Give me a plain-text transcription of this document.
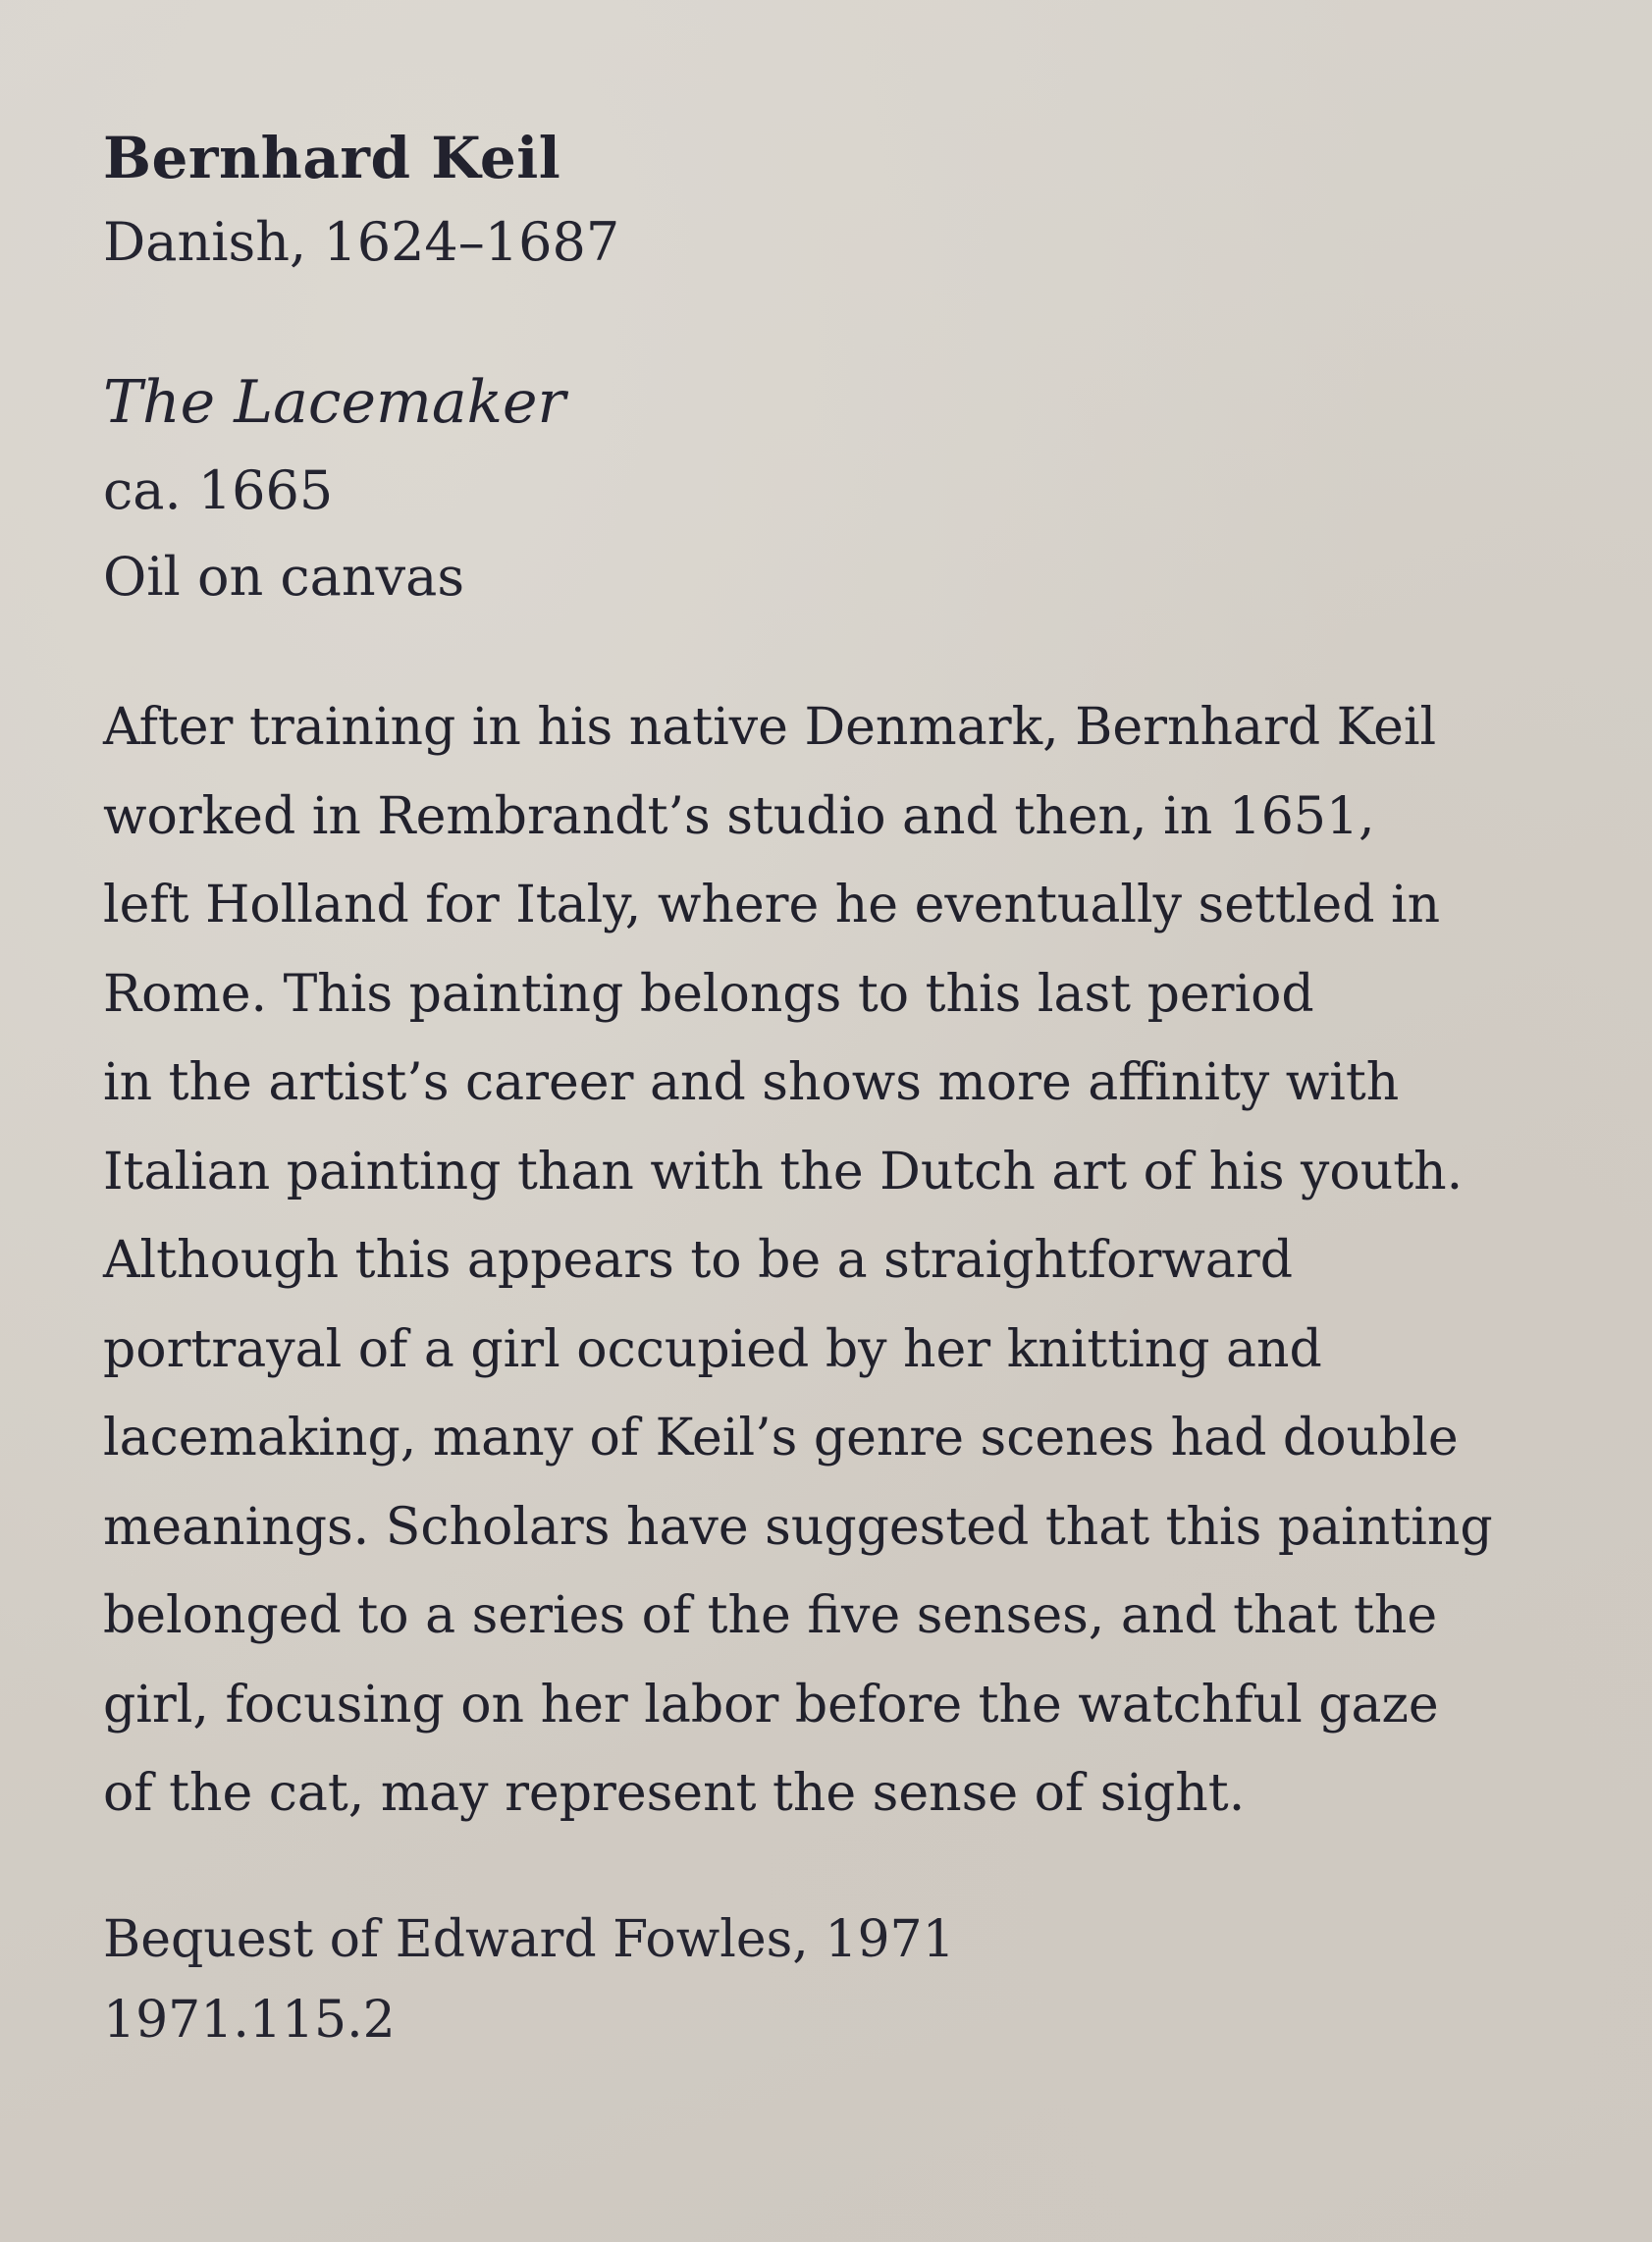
Bernhard Keil
Danish, 1624–1687
The Lacemaker
ca. 1665
Oil on canvas
After training in his native Denmark, Bernhard Keil
worked in Rembrandt’s studio and then, in 1651,
left Holland for Italy, where he eventually settled in
Rome. This painting belongs to this last period
in the artist’s career and shows more affinity with
Italian painting than with the Dutch art of his youth.
Although this appears to be a straightforward
portrayal of a girl occupied by her knitting and
lacemaking, many of Keil’s genre scenes had double
meanings. Scholars have suggested that this painting
belonged to a series of the five senses, and that the
girl, focusing on her labor before the watchful gaze
of the cat, may represent the sense of sight.
Bequest of Edward Fowles, 1971
1971.115.2
